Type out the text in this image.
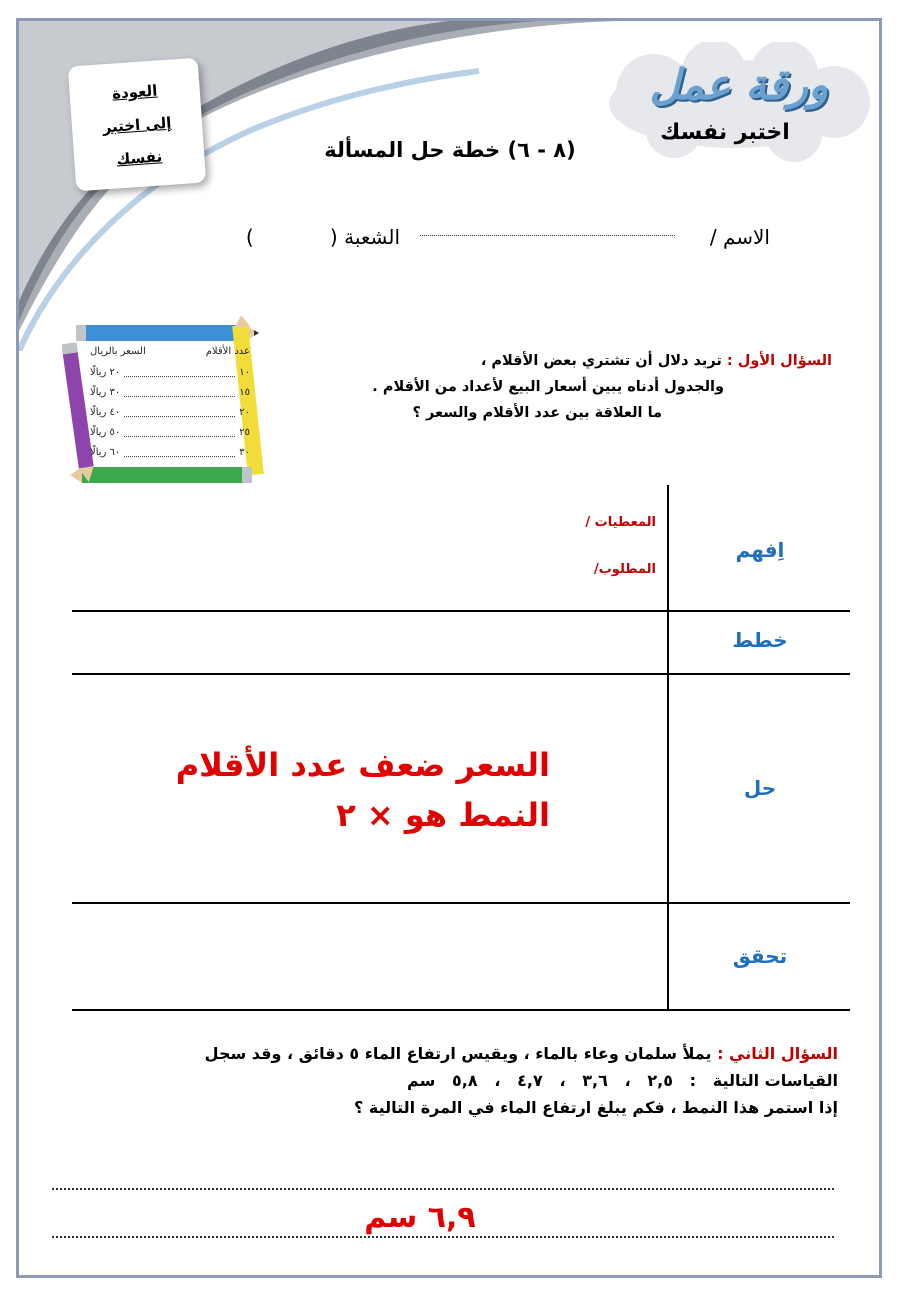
العودة
إلى اختبر
نفسك
ورقة عمل
اختبر نفسك
(٨ - ٦) خطة حل المسألة
الاسم /
الشعبة (            )
عدد الأقلام
السعر بالريال
١٠
٢٠ ريالًا
١٥
٣٠ ريالًا
٢٠
٤٠ ريالًا
٢٥
٥٠ ريالًا
٣٠
٦٠ ريالًا
السؤال الأول : تريد دلال أن تشتري بعض الأقلام ،
والجدول أدناه يبين أسعار البيع لأعداد من الأقلام .
ما العلاقة بين عدد الأقلام والسعر ؟
اِفهم
خطط
حل
تحقق
المعطيات /
المطلوب/
السعر ضعف عدد الأقلام
النمط هو × ٢
السؤال الثاني : يملأ سلمان وعاء بالماء ، ويقيس ارتفاع الماء ٥ دقائق ، وقد سجل
القياسات التالية   :   ٢,٥   ،   ٣,٦   ،   ٤,٧   ،   ٥,٨   سم
إذا استمر هذا النمط ، فكم يبلغ ارتفاع الماء في المرة التالية ؟
٦,٩ سم
